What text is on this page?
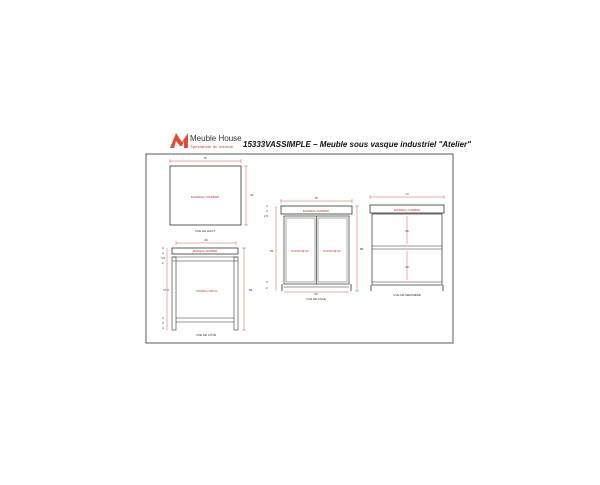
76
46
BANDEAU MARBRÉ
VUE DE HAUT
46
BANDEAU MARBRÉ
PANNEAU MÉTAL
4
2
3,5
2
37,3
3
2
4
86
VUE DE CÔTÉ
78
BANDEAU MARBRÉ
PORTE MÉTAL	PORTE MÉTAL
65
4
3
2,5
56
3
2
86
VUE DE FACE
73
BANDEAU MARBRÉ
25
29
VUE DE DERRIÈRE
Meuble House
Spécialiste du meuble 15333VASSIMPLE – Meuble sous vasque industriel "Atelier"
